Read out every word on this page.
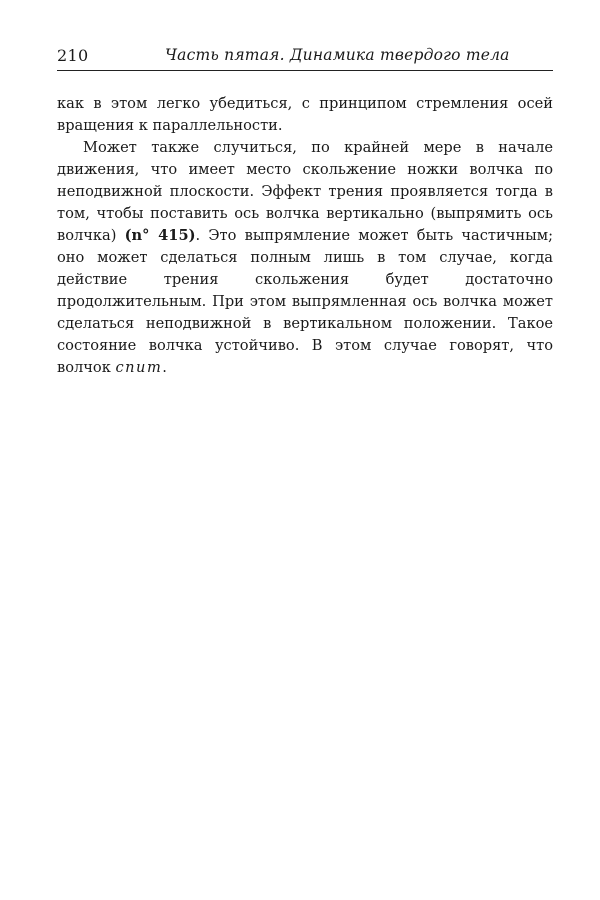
210	Часть пятая. Динамика твердого тела

как в этом легко убедиться, с принципом стремления осей вращения к параллельности.

Может также случиться, по крайней мере в начале движения, что имеет место скольжение ножки волчка по неподвижной плоскости. Эффект трения проявляется тогда в том, чтобы поставить ось волчка вертикально (выпрямить ось волчка) (n° 415). Это выпрямление может быть частичным; оно может сделаться полным лишь в том случае, когда действие трения скольжения будет достаточно продолжительным. При этом выпрямленная ось волчка может сделаться неподвижной в вертикальном положении. Такое состояние волчка устойчиво. В этом случае говорят, что волчок спит.
